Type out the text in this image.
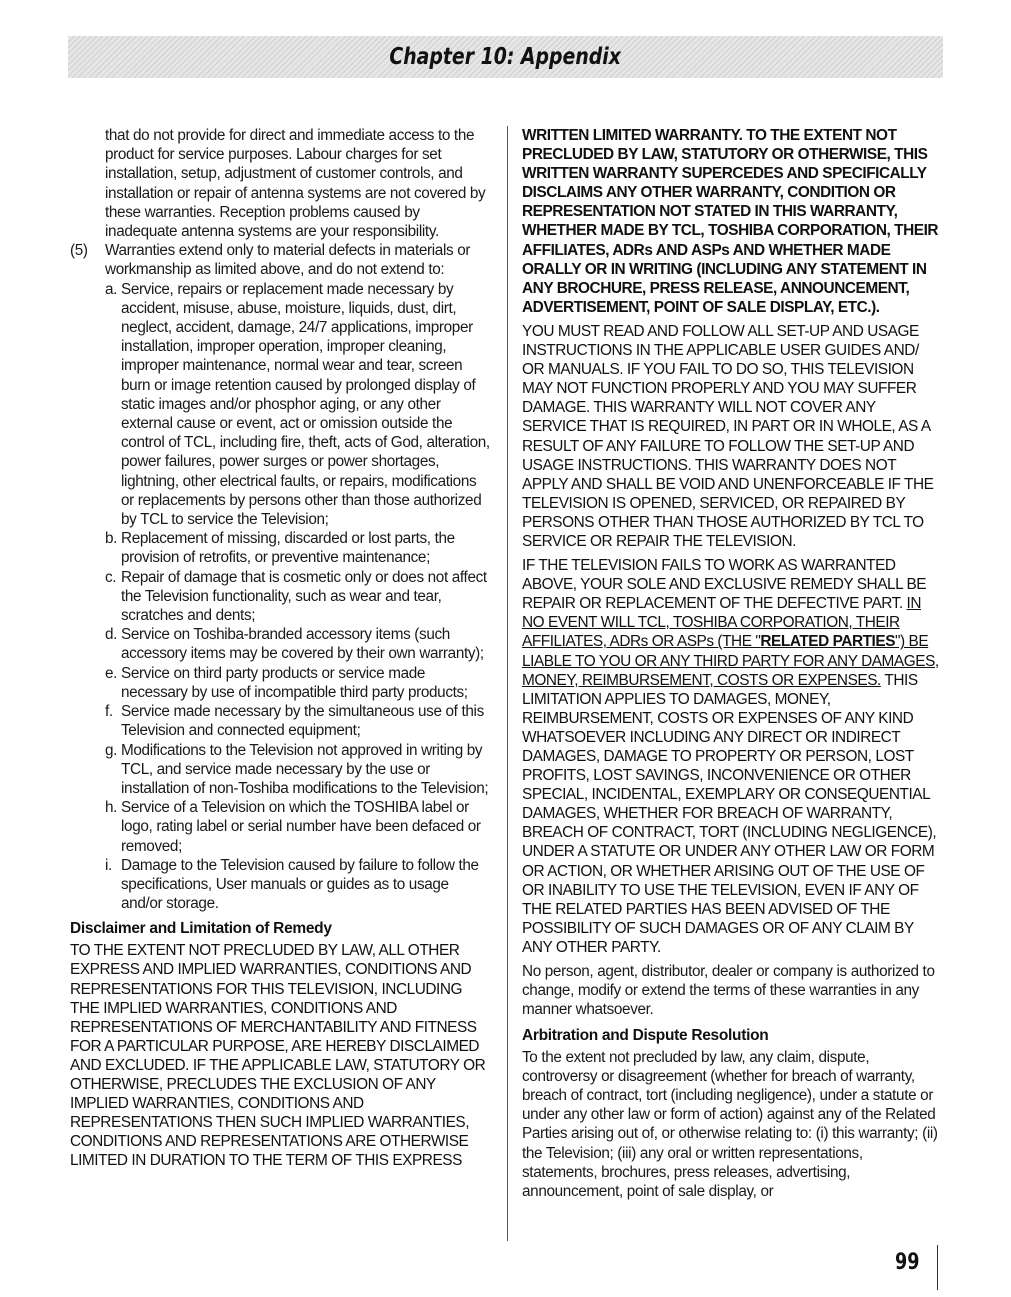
Chapter 10: Appendix

that do not provide for direct and immediate access to the product for service purposes. Labour charges for set installation, setup, adjustment of customer controls, and installation or repair of antenna systems are not covered by these warranties. Reception problems caused by inadequate antenna systems are your responsibility.

(5) Warranties extend only to material defects in materials or workmanship as limited above, and do not extend to:
a. Service, repairs or replacement made necessary by accident, misuse, abuse, moisture, liquids, dust, dirt, neglect, accident, damage, 24/7 applications, improper installation, improper operation, improper cleaning, improper maintenance, normal wear and tear, screen burn or image retention caused by prolonged display of static images and/or phosphor aging, or any other external cause or event, act or omission outside the control of TCL, including fire, theft, acts of God, alteration, power failures, power surges or power shortages, lightning, other electrical faults, or repairs, modifications or replacements by persons other than those authorized by TCL to service the Television;
b. Replacement of missing, discarded or lost parts, the provision of retrofits, or preventive maintenance;
c. Repair of damage that is cosmetic only or does not affect the Television functionality, such as wear and tear, scratches and dents;
d. Service on Toshiba-branded accessory items (such accessory items may be covered by their own warranty);
e. Service on third party products or service made necessary by use of incompatible third party products;
f. Service made necessary by the simultaneous use of this Television and connected equipment;
g. Modifications to the Television not approved in writing by TCL, and service made necessary by the use or installation of non-Toshiba modifications to the Television;
h. Service of a Television on which the TOSHIBA label or logo, rating label or serial number have been defaced or removed;
i. Damage to the Television caused by failure to follow the specifications, User manuals or guides as to usage and/or storage.
Disclaimer and Limitation of Remedy

TO THE EXTENT NOT PRECLUDED BY LAW, ALL OTHER EXPRESS AND IMPLIED WARRANTIES, CONDITIONS AND REPRESENTATIONS FOR THIS TELEVISION, INCLUDING THE IMPLIED WARRANTIES, CONDITIONS AND REPRESENTATIONS OF MERCHANTABILITY AND FITNESS FOR A PARTICULAR PURPOSE, ARE HEREBY DISCLAIMED AND EXCLUDED. IF THE APPLICABLE LAW, STATUTORY OR OTHERWISE, PRECLUDES THE EXCLUSION OF ANY IMPLIED WARRANTIES, CONDITIONS AND REPRESENTATIONS THEN SUCH IMPLIED WARRANTIES, CONDITIONS AND REPRESENTATIONS ARE OTHERWISE LIMITED IN DURATION TO THE TERM OF THIS EXPRESS

WRITTEN LIMITED WARRANTY. TO THE EXTENT NOT PRECLUDED BY LAW, STATUTORY OR OTHERWISE, THIS WRITTEN WARRANTY SUPERCEDES AND SPECIFICALLY DISCLAIMS ANY OTHER WARRANTY, CONDITION OR REPRESENTATION NOT STATED IN THIS WARRANTY, WHETHER MADE BY TCL, TOSHIBA CORPORATION, THEIR AFFILIATES, ADRs AND ASPs AND WHETHER MADE ORALLY OR IN WRITING (INCLUDING ANY STATEMENT IN ANY BROCHURE, PRESS RELEASE, ANNOUNCEMENT, ADVERTISEMENT, POINT OF SALE DISPLAY, ETC.).

YOU MUST READ AND FOLLOW ALL SET-UP AND USAGE INSTRUCTIONS IN THE APPLICABLE USER GUIDES AND/ OR MANUALS. IF YOU FAIL TO DO SO, THIS TELEVISION MAY NOT FUNCTION PROPERLY AND YOU MAY SUFFER DAMAGE. THIS WARRANTY WILL NOT COVER ANY SERVICE THAT IS REQUIRED, IN PART OR IN WHOLE, AS A RESULT OF ANY FAILURE TO FOLLOW THE SET-UP AND USAGE INSTRUCTIONS. THIS WARRANTY DOES NOT APPLY AND SHALL BE VOID AND UNENFORCEABLE IF THE TELEVISION IS OPENED, SERVICED, OR REPAIRED BY PERSONS OTHER THAN THOSE AUTHORIZED BY TCL TO SERVICE OR REPAIR THE TELEVISION.

IF THE TELEVISION FAILS TO WORK AS WARRANTED ABOVE, YOUR SOLE AND EXCLUSIVE REMEDY SHALL BE REPAIR OR REPLACEMENT OF THE DEFECTIVE PART. IN NO EVENT WILL TCL, TOSHIBA CORPORATION, THEIR AFFILIATES, ADRs OR ASPs (THE "RELATED PARTIES") BE LIABLE TO YOU OR ANY THIRD PARTY FOR ANY DAMAGES, MONEY, REIMBURSEMENT, COSTS OR EXPENSES. THIS LIMITATION APPLIES TO DAMAGES, MONEY, REIMBURSEMENT, COSTS OR EXPENSES OF ANY KIND WHATSOEVER INCLUDING ANY DIRECT OR INDIRECT DAMAGES, DAMAGE TO PROPERTY OR PERSON, LOST PROFITS, LOST SAVINGS, INCONVENIENCE OR OTHER SPECIAL, INCIDENTAL, EXEMPLARY OR CONSEQUENTIAL DAMAGES, WHETHER FOR BREACH OF WARRANTY, BREACH OF CONTRACT, TORT (INCLUDING NEGLIGENCE), UNDER A STATUTE OR UNDER ANY OTHER LAW OR FORM OR ACTION, OR WHETHER ARISING OUT OF THE USE OF OR INABILITY TO USE THE TELEVISION, EVEN IF ANY OF THE RELATED PARTIES HAS BEEN ADVISED OF THE POSSIBILITY OF SUCH DAMAGES OR OF ANY CLAIM BY ANY OTHER PARTY.

No person, agent, distributor, dealer or company is authorized to change, modify or extend the terms of these warranties in any manner whatsoever.

Arbitration and Dispute Resolution

To the extent not precluded by law, any claim, dispute, controversy or disagreement (whether for breach of warranty, breach of contract, tort (including negligence), under a statute or under any other law or form of action) against any of the Related Parties arising out of, or otherwise relating to: (i) this warranty; (ii) the Television; (iii) any oral or written representations, statements, brochures, press releases, advertising, announcement, point of sale display, or

99
